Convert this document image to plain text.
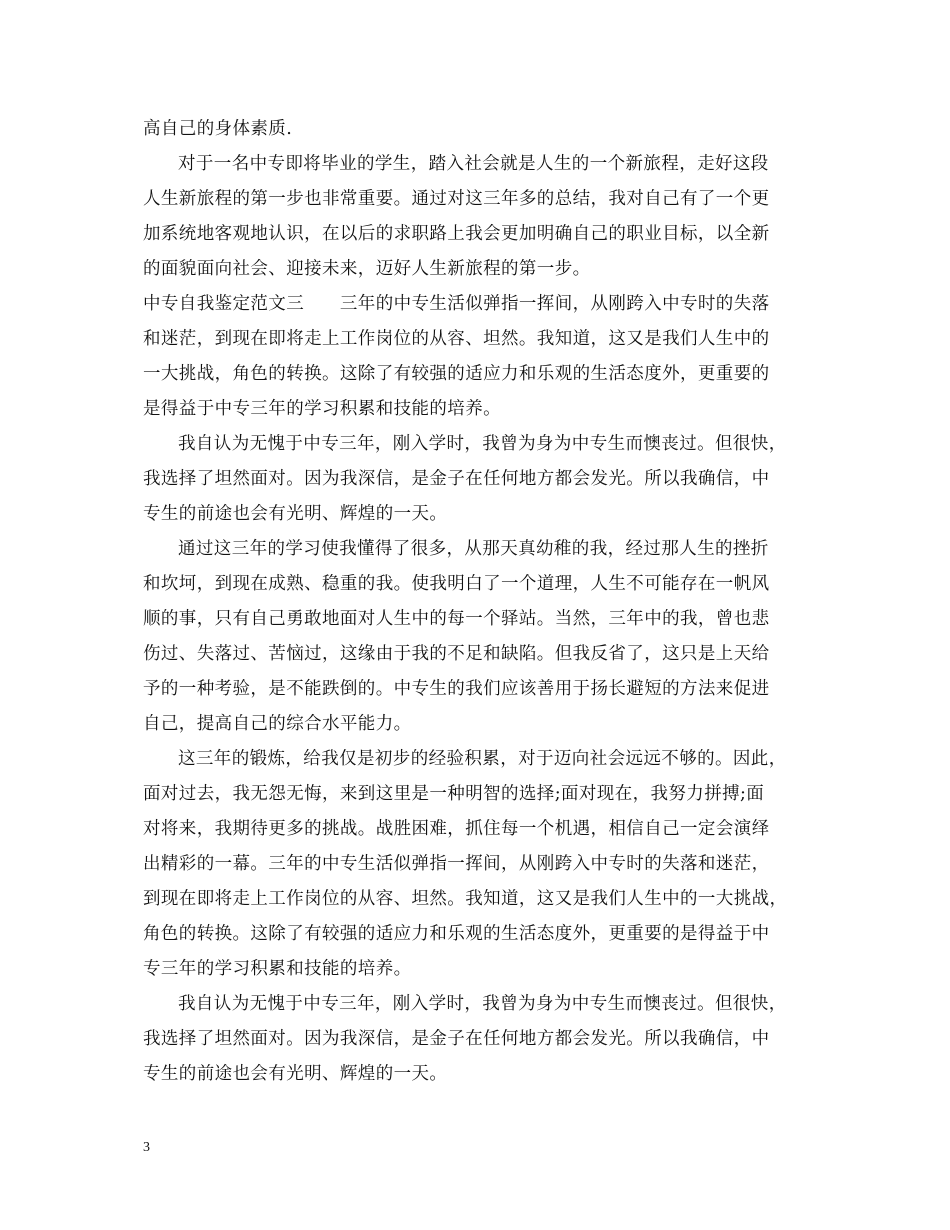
高自己的身体素质.
对于一名中专即将毕业的学生，踏入社会就是人生的一个新旅程，走好这段
人生新旅程的第一步也非常重要。通过对这三年多的总结，我对自己有了一个更
加系统地客观地认识，在以后的求职路上我会更加明确自己的职业目标，以全新
的面貌面向社会、迎接未来，迈好人生新旅程的第一步。
中专自我鉴定范文三　　三年的中专生活似弹指一挥间，从刚跨入中专时的失落
和迷茫，到现在即将走上工作岗位的从容、坦然。我知道，这又是我们人生中的
一大挑战，角色的转换。这除了有较强的适应力和乐观的生活态度外，更重要的
是得益于中专三年的学习积累和技能的培养。
我自认为无愧于中专三年，刚入学时，我曾为身为中专生而懊丧过。但很快，
我选择了坦然面对。因为我深信，是金子在任何地方都会发光。所以我确信，中
专生的前途也会有光明、辉煌的一天。
通过这三年的学习使我懂得了很多，从那天真幼稚的我，经过那人生的挫折
和坎坷，到现在成熟、稳重的我。使我明白了一个道理，人生不可能存在一帆风
顺的事，只有自己勇敢地面对人生中的每一个驿站。当然，三年中的我，曾也悲
伤过、失落过、苦恼过，这缘由于我的不足和缺陷。但我反省了，这只是上天给
予的一种考验，是不能跌倒的。中专生的我们应该善用于扬长避短的方法来促进
自己，提高自己的综合水平能力。
这三年的锻炼，给我仅是初步的经验积累，对于迈向社会远远不够的。因此，
面对过去，我无怨无悔，来到这里是一种明智的选择;面对现在，我努力拼搏;面
对将来，我期待更多的挑战。战胜困难，抓住每一个机遇，相信自己一定会演绎
出精彩的一幕。三年的中专生活似弹指一挥间，从刚跨入中专时的失落和迷茫，
到现在即将走上工作岗位的从容、坦然。我知道，这又是我们人生中的一大挑战，
角色的转换。这除了有较强的适应力和乐观的生活态度外，更重要的是得益于中
专三年的学习积累和技能的培养。
我自认为无愧于中专三年，刚入学时，我曾为身为中专生而懊丧过。但很快，
我选择了坦然面对。因为我深信，是金子在任何地方都会发光。所以我确信，中
专生的前途也会有光明、辉煌的一天。
3
